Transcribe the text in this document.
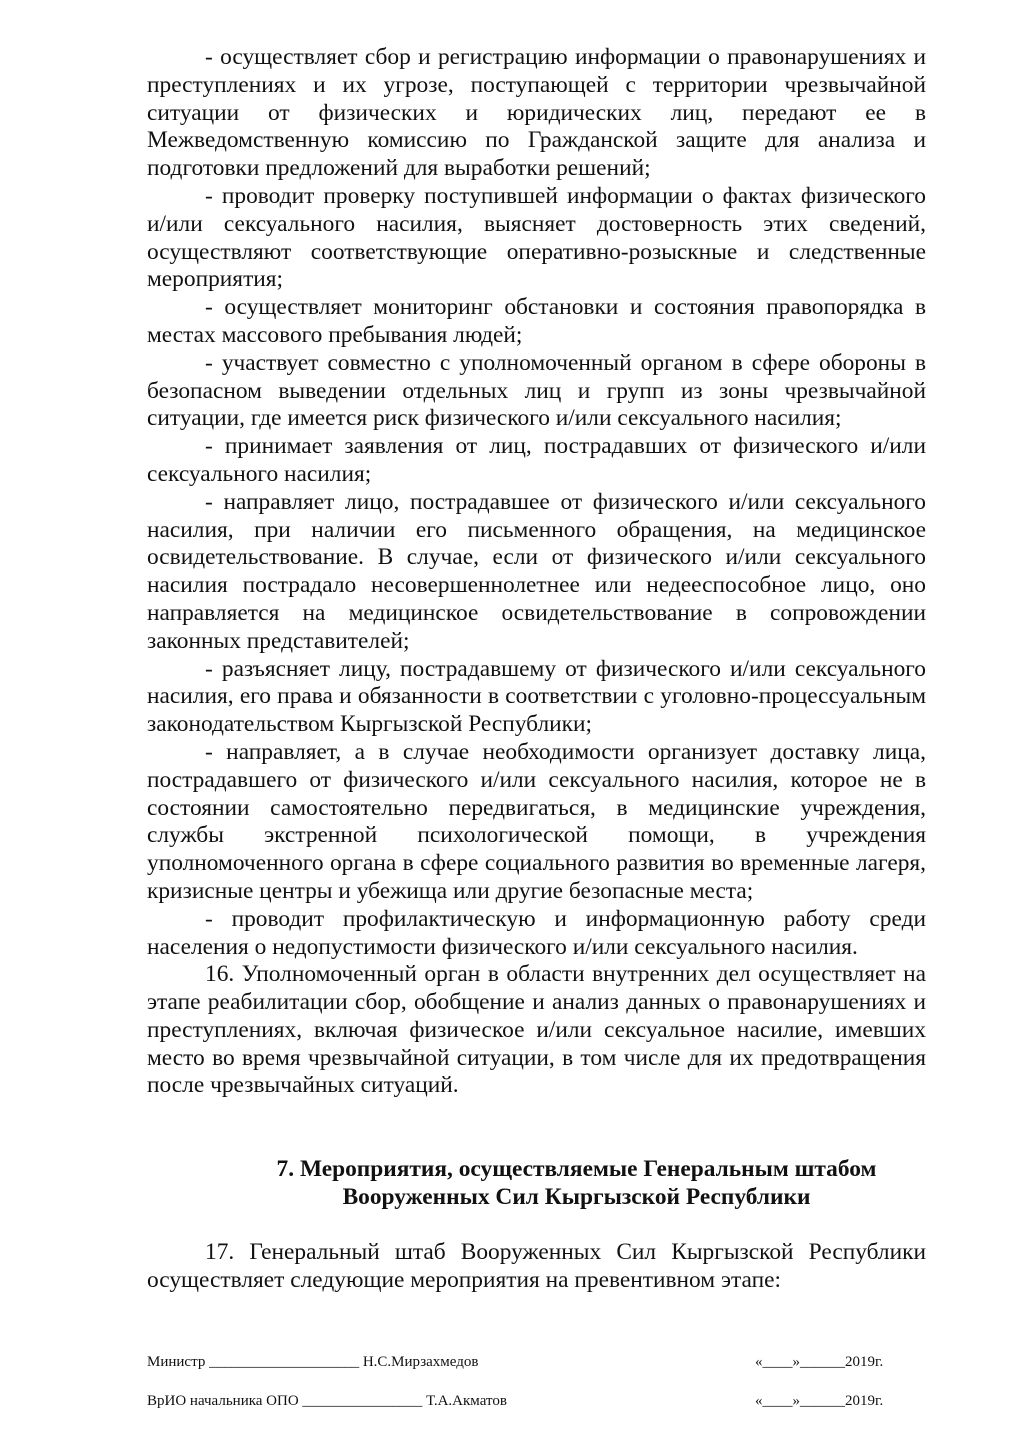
- осуществляет сбор и регистрацию информации о правонарушениях и преступлениях и их угрозе, поступающей с территории чрезвычайной ситуации от физических и юридических лиц, передают ее в Межведомственную комиссию по Гражданской защите для анализа и подготовки предложений для выработки решений;

- проводит проверку поступившей информации о фактах физического и/или сексуального насилия, выясняет достоверность этих сведений, осуществляют соответствующие оперативно-розыскные и следственные мероприятия;

- осуществляет мониторинг обстановки и состояния правопорядка в местах массового пребывания людей;

- участвует совместно с уполномоченный органом в сфере обороны в безопасном выведении отдельных лиц и групп из зоны чрезвычайной ситуации, где имеется риск физического и/или сексуального насилия;

- принимает заявления от лиц, пострадавших от физического и/или сексуального насилия;

- направляет лицо, пострадавшее от физического и/или сексуального насилия, при наличии его письменного обращения, на медицинское освидетельствование. В случае, если от физического и/или сексуального насилия пострадало несовершеннолетнее или недееспособное лицо, оно направляется на медицинское освидетельствование в сопровождении законных представителей;

- разъясняет лицу, пострадавшему от физического и/или сексуального насилия, его права и обязанности в соответствии с уголовно-процессуальным законодательством Кыргызской Республики;

- направляет, а в случае необходимости организует доставку лица, пострадавшего от физического и/или сексуального насилия, которое не в состоянии самостоятельно передвигаться, в медицинские учреждения, службы экстренной психологической помощи, в учреждения уполномоченного органа в сфере социального развития во временные лагеря, кризисные центры и убежища или другие безопасные места;

- проводит профилактическую и информационную работу среди населения о недопустимости физического и/или сексуального насилия.

16. Уполномоченный орган в области внутренних дел осуществляет на этапе реабилитации сбор, обобщение и анализ данных о правонарушениях и преступлениях, включая физическое и/или сексуальное насилие, имевших место во время чрезвычайной ситуации, в том числе для их предотвращения после чрезвычайных ситуаций.

7. Мероприятия, осуществляемые Генеральным штабом
Вооруженных Сил Кыргызской Республики

17. Генеральный штаб Вооруженных Сил Кыргызской Республики осуществляет следующие мероприятия на превентивном этапе:

Министр ____________________ Н.С.Мирзахмедов	«____»______2019г.
ВрИО начальника ОПО ________________ Т.А.Акматов	«____»______2019г.
